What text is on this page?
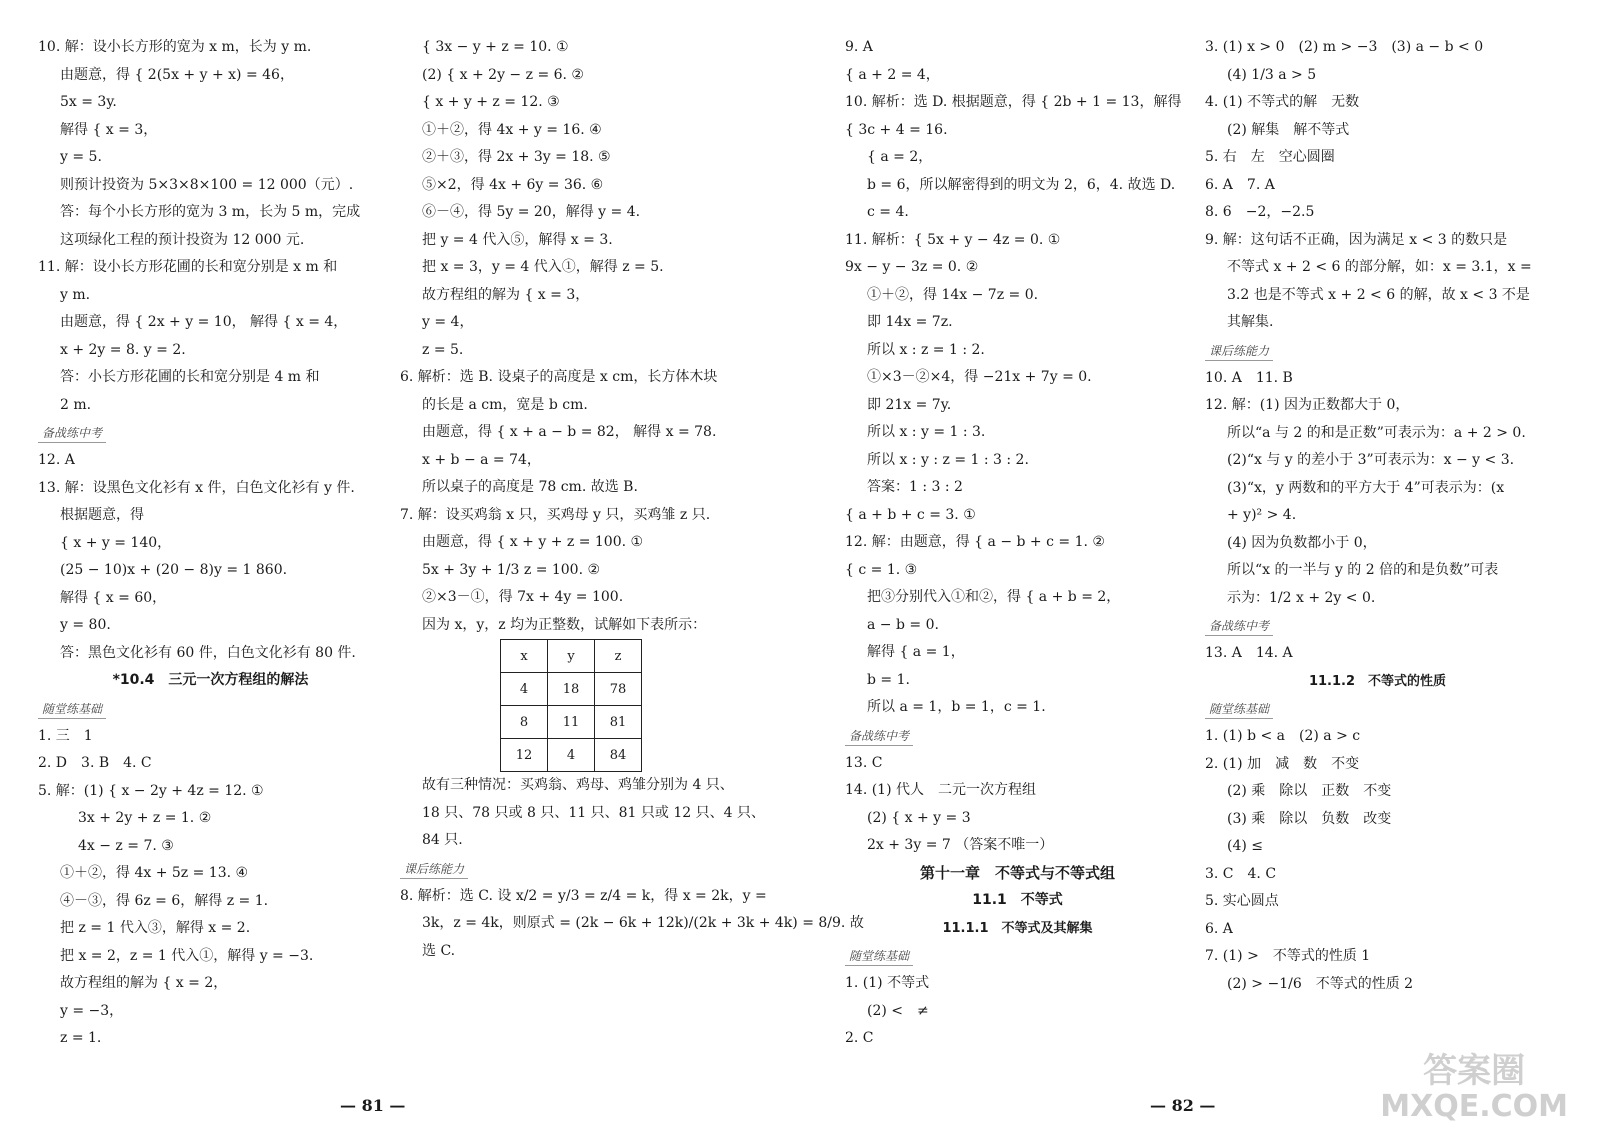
10. 解：设小长方形的宽为 x m，长为 y m.

由题意，得 { 2(5x + y + x) = 46，

5x = 3y.

解得 { x = 3，

y = 5.

则预计投资为 5×3×8×100 = 12 000（元）.

答：每个小长方形的宽为 3 m，长为 5 m，完成

这项绿化工程的预计投资为 12 000 元.

11. 解：设小长方形花圃的长和宽分别是 x m 和

y m.

由题意，得 { 2x + y = 10， 解得 { x = 4，

x + 2y = 8. y = 2.

答：小长方形花圃的长和宽分别是 4 m 和

2 m.

备战练中考

12. A

13. 解：设黑色文化衫有 x 件，白色文化衫有 y 件.

根据题意，得

{ x + y = 140，

(25 − 10)x + (20 − 8)y = 1 860.

解得 { x = 60，

y = 80.

答：黑色文化衫有 60 件，白色文化衫有 80 件.

*10.4　三元一次方程组的解法

随堂练基础

1. 三　1

2. D　3. B　4. C

5. 解：(1) { x − 2y + 4z = 12. ①

3x + 2y + z = 1. ②

4x − z = 7. ③

①＋②，得 4x + 5z = 13. ④

④－③，得 6z = 6，解得 z = 1.

把 z = 1 代入③，解得 x = 2.

把 x = 2，z = 1 代入①，解得 y = −3.

故方程组的解为 { x = 2，

y = −3，

z = 1.

{ 3x − y + z = 10. ①

(2) { x + 2y − z = 6. ②

{ x + y + z = 12. ③

①＋②，得 4x + y = 16. ④

②＋③，得 2x + 3y = 18. ⑤

⑤×2，得 4x + 6y = 36. ⑥

⑥－④，得 5y = 20，解得 y = 4.

把 y = 4 代入⑤，解得 x = 3.

把 x = 3，y = 4 代入①，解得 z = 5.

故方程组的解为 { x = 3，

y = 4，

z = 5.

6. 解析：选 B. 设桌子的高度是 x cm，长方体木块

的长是 a cm，宽是 b cm.

由题意，得 { x + a − b = 82， 解得 x = 78.

x + b − a = 74，

所以桌子的高度是 78 cm. 故选 B.

7. 解：设买鸡翁 x 只，买鸡母 y 只，买鸡雏 z 只.

由题意，得 { x + y + z = 100. ①

5x + 3y + 1/3 z = 100. ②

②×3－①，得 7x + 4y = 100.

因为 x，y，z 均为正整数，试解如下表所示：

x	y	z
4	18	78
8	11	81
12	4	84

故有三种情况：买鸡翁、鸡母、鸡雏分别为 4 只、

18 只、78 只或 8 只、11 只、81 只或 12 只、4 只、

84 只.

课后练能力

8. 解析：选 C. 设 x/2 = y/3 = z/4 = k，得 x = 2k，y =

3k，z = 4k，则原式 = (2k − 6k + 12k)/(2k + 3k + 4k) = 8/9. 故

选 C.

— 81 —

9. A

{ a + 2 = 4，

10. 解析：选 D. 根据题意，得 { 2b + 1 = 13，解得

{ 3c + 4 = 16.

{ a = 2，

b = 6，所以解密得到的明文为 2，6，4. 故选 D.

c = 4.

11. 解析：{ 5x + y − 4z = 0. ①

9x − y − 3z = 0. ②

①＋②，得 14x − 7z = 0.

即 14x = 7z.

所以 x : z = 1 : 2.

①×3－②×4，得 −21x + 7y = 0.

即 21x = 7y.

所以 x : y = 1 : 3.

所以 x : y : z = 1 : 3 : 2.

答案：1 : 3 : 2

{ a + b + c = 3. ①

12. 解：由题意，得 { a − b + c = 1. ②

{ c = 1. ③

把③分别代入①和②，得 { a + b = 2，

a − b = 0.

解得 { a = 1，

b = 1.

所以 a = 1，b = 1，c = 1.

备战练中考

13. C

14. (1) 代人　二元一次方程组

(2) { x + y = 3

2x + 3y = 7 （答案不唯一）

第十一章　不等式与不等式组

11.1　不等式

11.1.1　不等式及其解集

随堂练基础

1. (1) 不等式

(2) <　≠

2. C

3. (1) x > 0　(2) m > −3　(3) a − b < 0

(4) 1/3 a > 5

4. (1) 不等式的解　无数

(2) 解集　解不等式

5. 右　左　空心圆圈

6. A　7. A

8. 6　−2，−2.5

9. 解：这句话不正确，因为满足 x < 3 的数只是

不等式 x + 2 < 6 的部分解，如：x = 3.1，x =

3.2 也是不等式 x + 2 < 6 的解，故 x < 3 不是

其解集.

课后练能力

10. A　11. B

12. 解：(1) 因为正数都大于 0，

所以“a 与 2 的和是正数”可表示为：a + 2 > 0.

(2)“x 与 y 的差小于 3”可表示为：x − y < 3.

(3)“x，y 两数和的平方大于 4”可表示为：(x

+ y)² > 4.

(4) 因为负数都小于 0，

所以“x 的一半与 y 的 2 倍的和是负数”可表

示为：1/2 x + 2y < 0.

备战练中考

13. A　14. A

11.1.2　不等式的性质

随堂练基础

1. (1) b < a　(2) a > c

2. (1) 加　减　数　不变

(2) 乘　除以　正数　不变

(3) 乘　除以　负数　改变

(4) ≤

3. C　4. C

5. 实心圆点

6. A

7. (1) >　不等式的性质 1

(2) > −1/6　不等式的性质 2

— 82 —
答案圈
MXQE.COM
